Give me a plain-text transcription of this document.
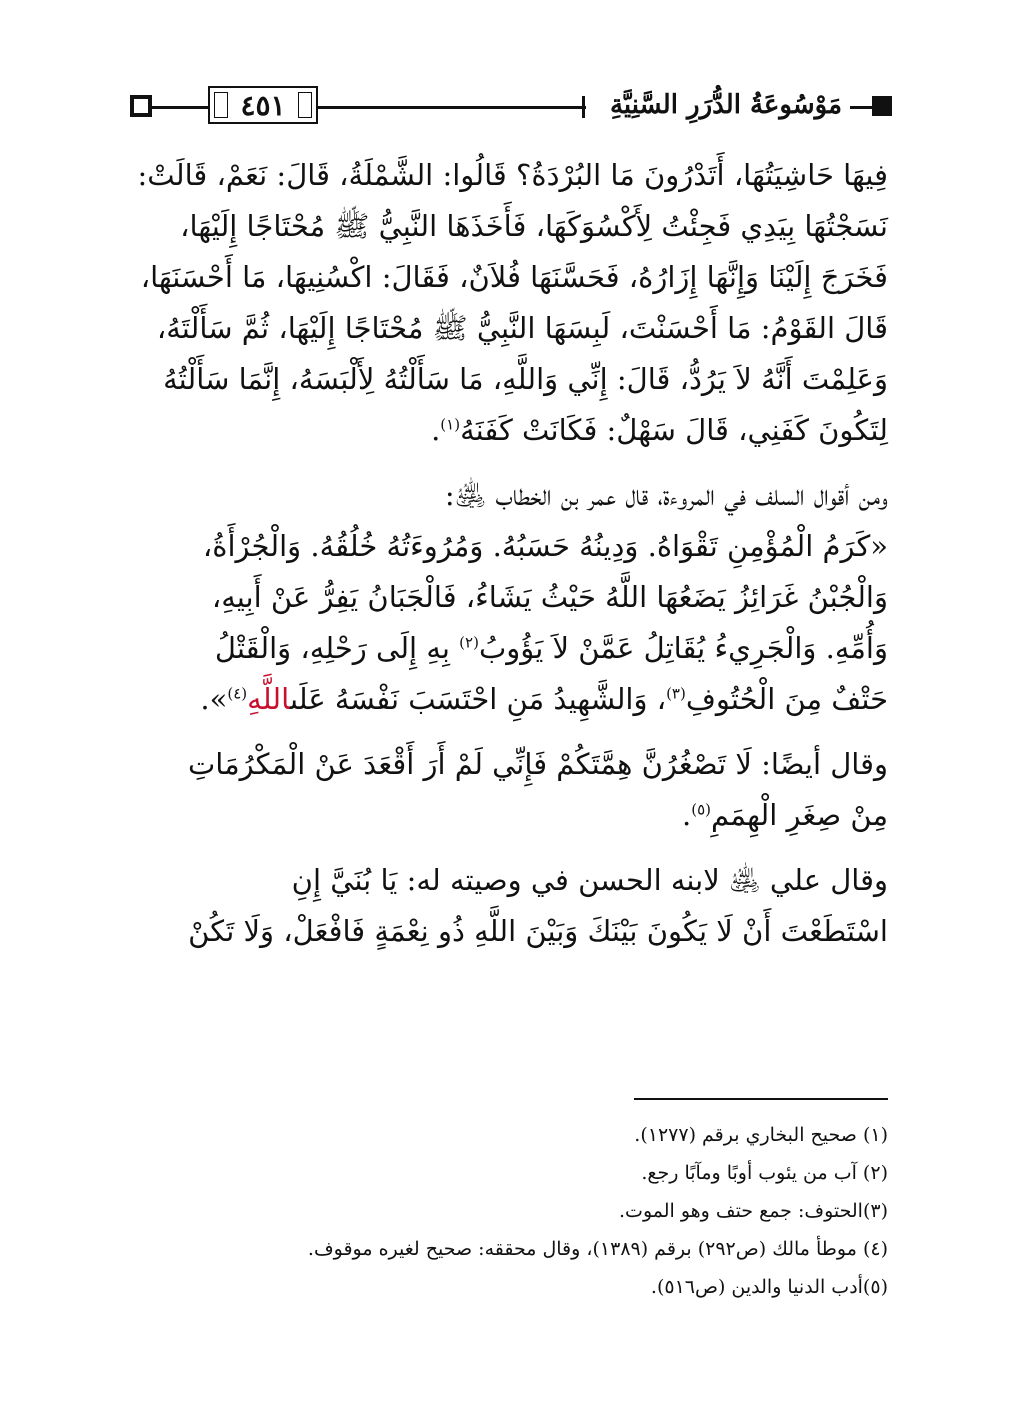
٤٥١	مَوْسُوعَةُ الدُّرَرِ السَّنِيَّةِ

فِيهَا حَاشِيَتُهَا، أَتَدْرُونَ مَا البُرْدَةُ؟ قَالُوا: الشَّمْلَةُ، قَالَ: نَعَمْ، قَالَتْ:
نَسَجْتُهَا بِيَدِي فَجِئْتُ لِأَكْسُوَكَهَا، فَأَخَذَهَا النَّبِيُّ ﷺ مُحْتَاجًا إِلَيْهَا،
فَخَرَجَ إِلَيْنَا وَإِنَّهَا إِزَارُهُ، فَحَسَّنَهَا فُلاَنٌ، فَقَالَ: اكْسُنِيهَا، مَا أَحْسَنَهَا،
قَالَ القَوْمُ: مَا أَحْسَنْتَ، لَبِسَهَا النَّبِيُّ ﷺ مُحْتَاجًا إِلَيْهَا، ثُمَّ سَأَلْتَهُ،
وَعَلِمْتَ أَنَّهُ لاَ يَرُدُّ، قَالَ: إِنِّي وَاللَّهِ، مَا سَأَلْتُهُ لِأَلْبَسَهُ، إِنَّمَا سَأَلْتُهُ
لِتَكُونَ كَفَنِي، قَالَ سَهْلٌ: فَكَانَتْ كَفَنَهُ$^{(١)}$.

ومن أقوال السلف في المروءة، قال عمر بن الخطاب ﵁:
«كَرَمُ الْمُؤْمِنِ تَقْوَاهُ. وَدِينُهُ حَسَبُهُ. وَمُرُوءَتُهُ خُلُقُهُ. وَالْجُرْأَةُ،
وَالْجُبْنُ غَرَائِزُ يَضَعُهَا اللَّهُ حَيْثُ يَشَاءُ، فَالْجَبَانُ يَفِرُّ عَنْ أَبِيهِ،
وَأُمِّهِ. وَالْجَرِيءُ يُقَاتِلُ عَمَّنْ لاَ يَؤُوبُ$^{(٢)}$ بِهِ إِلَى رَحْلِهِ، وَالْقَتْلُ
حَتْفٌ مِنَ الْحُتُوفِ$^{(٣)}$، وَالشَّهِيدُ مَنِ احْتَسَبَ نَفْسَهُ عَلَىاللَّهِ$^{(٤)}$».

وقال أيضًا: لَا تَصْغُرُنَّ هِمَّتَكُمْ فَإِنِّي لَمْ أَرَ أَقْعَدَ عَنْ الْمَكْرُمَاتِ
مِنْ صِغَرِ الْهِمَمِ$^{(٥)}$.

وقال علي ﵁ لابنه الحسن في وصيته له: يَا بُنَيَّ إِنِ
اسْتَطَعْتَ أَنْ لَا يَكُونَ بَيْنَكَ وَبَيْنَ اللَّهِ ذُو نِعْمَةٍ فَافْعَلْ، وَلَا تَكُنْ

(١) صحيح البخاري برقم (١٢٧٧).
(٢) آب من يئوب أوبًا ومآبًا رجع.
(٣)الحتوف: جمع حتف وهو الموت.
(٤) موطأ مالك (ص٢٩٢) برقم (١٣٨٩)، وقال محققه: صحيح لغيره موقوف.
(٥)أدب الدنيا والدين (ص٥١٦).
